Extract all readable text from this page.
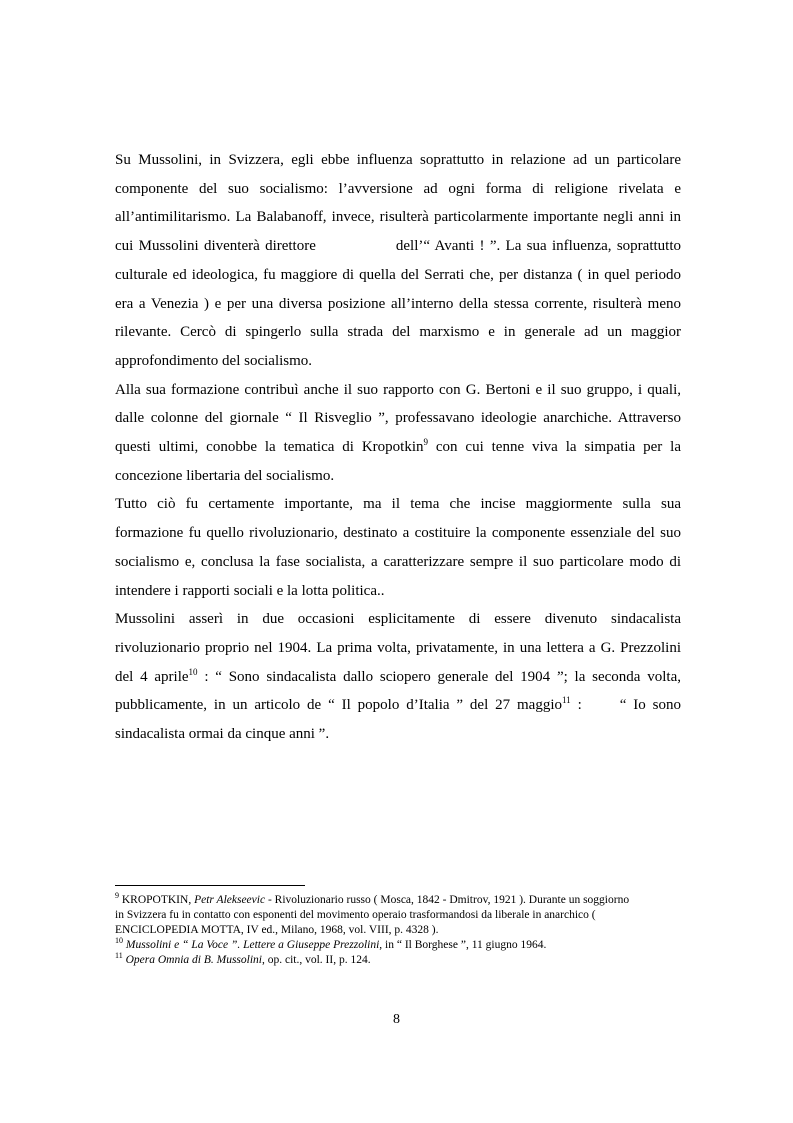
Su Mussolini, in Svizzera, egli ebbe influenza soprattutto in relazione ad un particolare
componente del suo socialismo: l’avversione ad ogni forma di religione rivelata e
all’antimilitarismo. La Balabanoff, invece, risulterà particolarmente importante negli anni in
cui Mussolini diventerà direttore	dell’“ Avanti ! ”. La sua influenza, soprattutto
culturale ed ideologica, fu maggiore di quella del Serrati che, per distanza ( in quel periodo
era a Venezia ) e per una diversa posizione all’interno della stessa corrente, risulterà meno
rilevante. Cercò di spingerlo sulla strada del marxismo e in generale ad un maggior
approfondimento del socialismo.

Alla sua formazione contribuì anche il suo rapporto con G. Bertoni e il suo gruppo, i quali,
dalle colonne del giornale “ Il Risveglio ”, professavano ideologie anarchiche. Attraverso
questi ultimi, conobbe la tematica di Kropotkin$^9$ con cui tenne viva la simpatia per la
concezione libertaria del socialismo.

Tutto ciò fu certamente importante, ma il tema che incise maggiormente sulla sua
formazione fu quello rivoluzionario, destinato a costituire la componente essenziale del suo
socialismo e, conclusa la fase socialista, a caratterizzare sempre il suo particolare modo di
intendere i rapporti sociali e la lotta politica..

Mussolini asserì in due occasioni esplicitamente di essere divenuto sindacalista
rivoluzionario proprio nel 1904. La prima volta, privatamente, in una lettera a G. Prezzolini
del 4 aprile$^{10}$ : “ Sono sindacalista dallo sciopero generale del 1904 ”; la seconda volta,
pubblicamente, in un articolo de “ Il popolo d’Italia ” del 27 maggio$^{11}$ :	“ Io sono
sindacalista ormai da cinque anni ”.

$^9$ KROPOTKIN, Petr Alekseevic - Rivoluzionario russo ( Mosca, 1842 - Dmitrov, 1921 ). Durante un soggiorno in Svizzera fu in contatto con esponenti del movimento operaio trasformandosi da liberale in anarchico ( ENCICLOPEDIA MOTTA, IV ed., Milano, 1968, vol. VIII, p. 4328 ).

$^{10}$ Mussolini e “ La Voce ”. Lettere a Giuseppe Prezzolini, in “ Il Borghese ”, 11 giugno 1964.

$^{11}$ Opera Omnia di B. Mussolini, op. cit., vol. II, p. 124.

8
